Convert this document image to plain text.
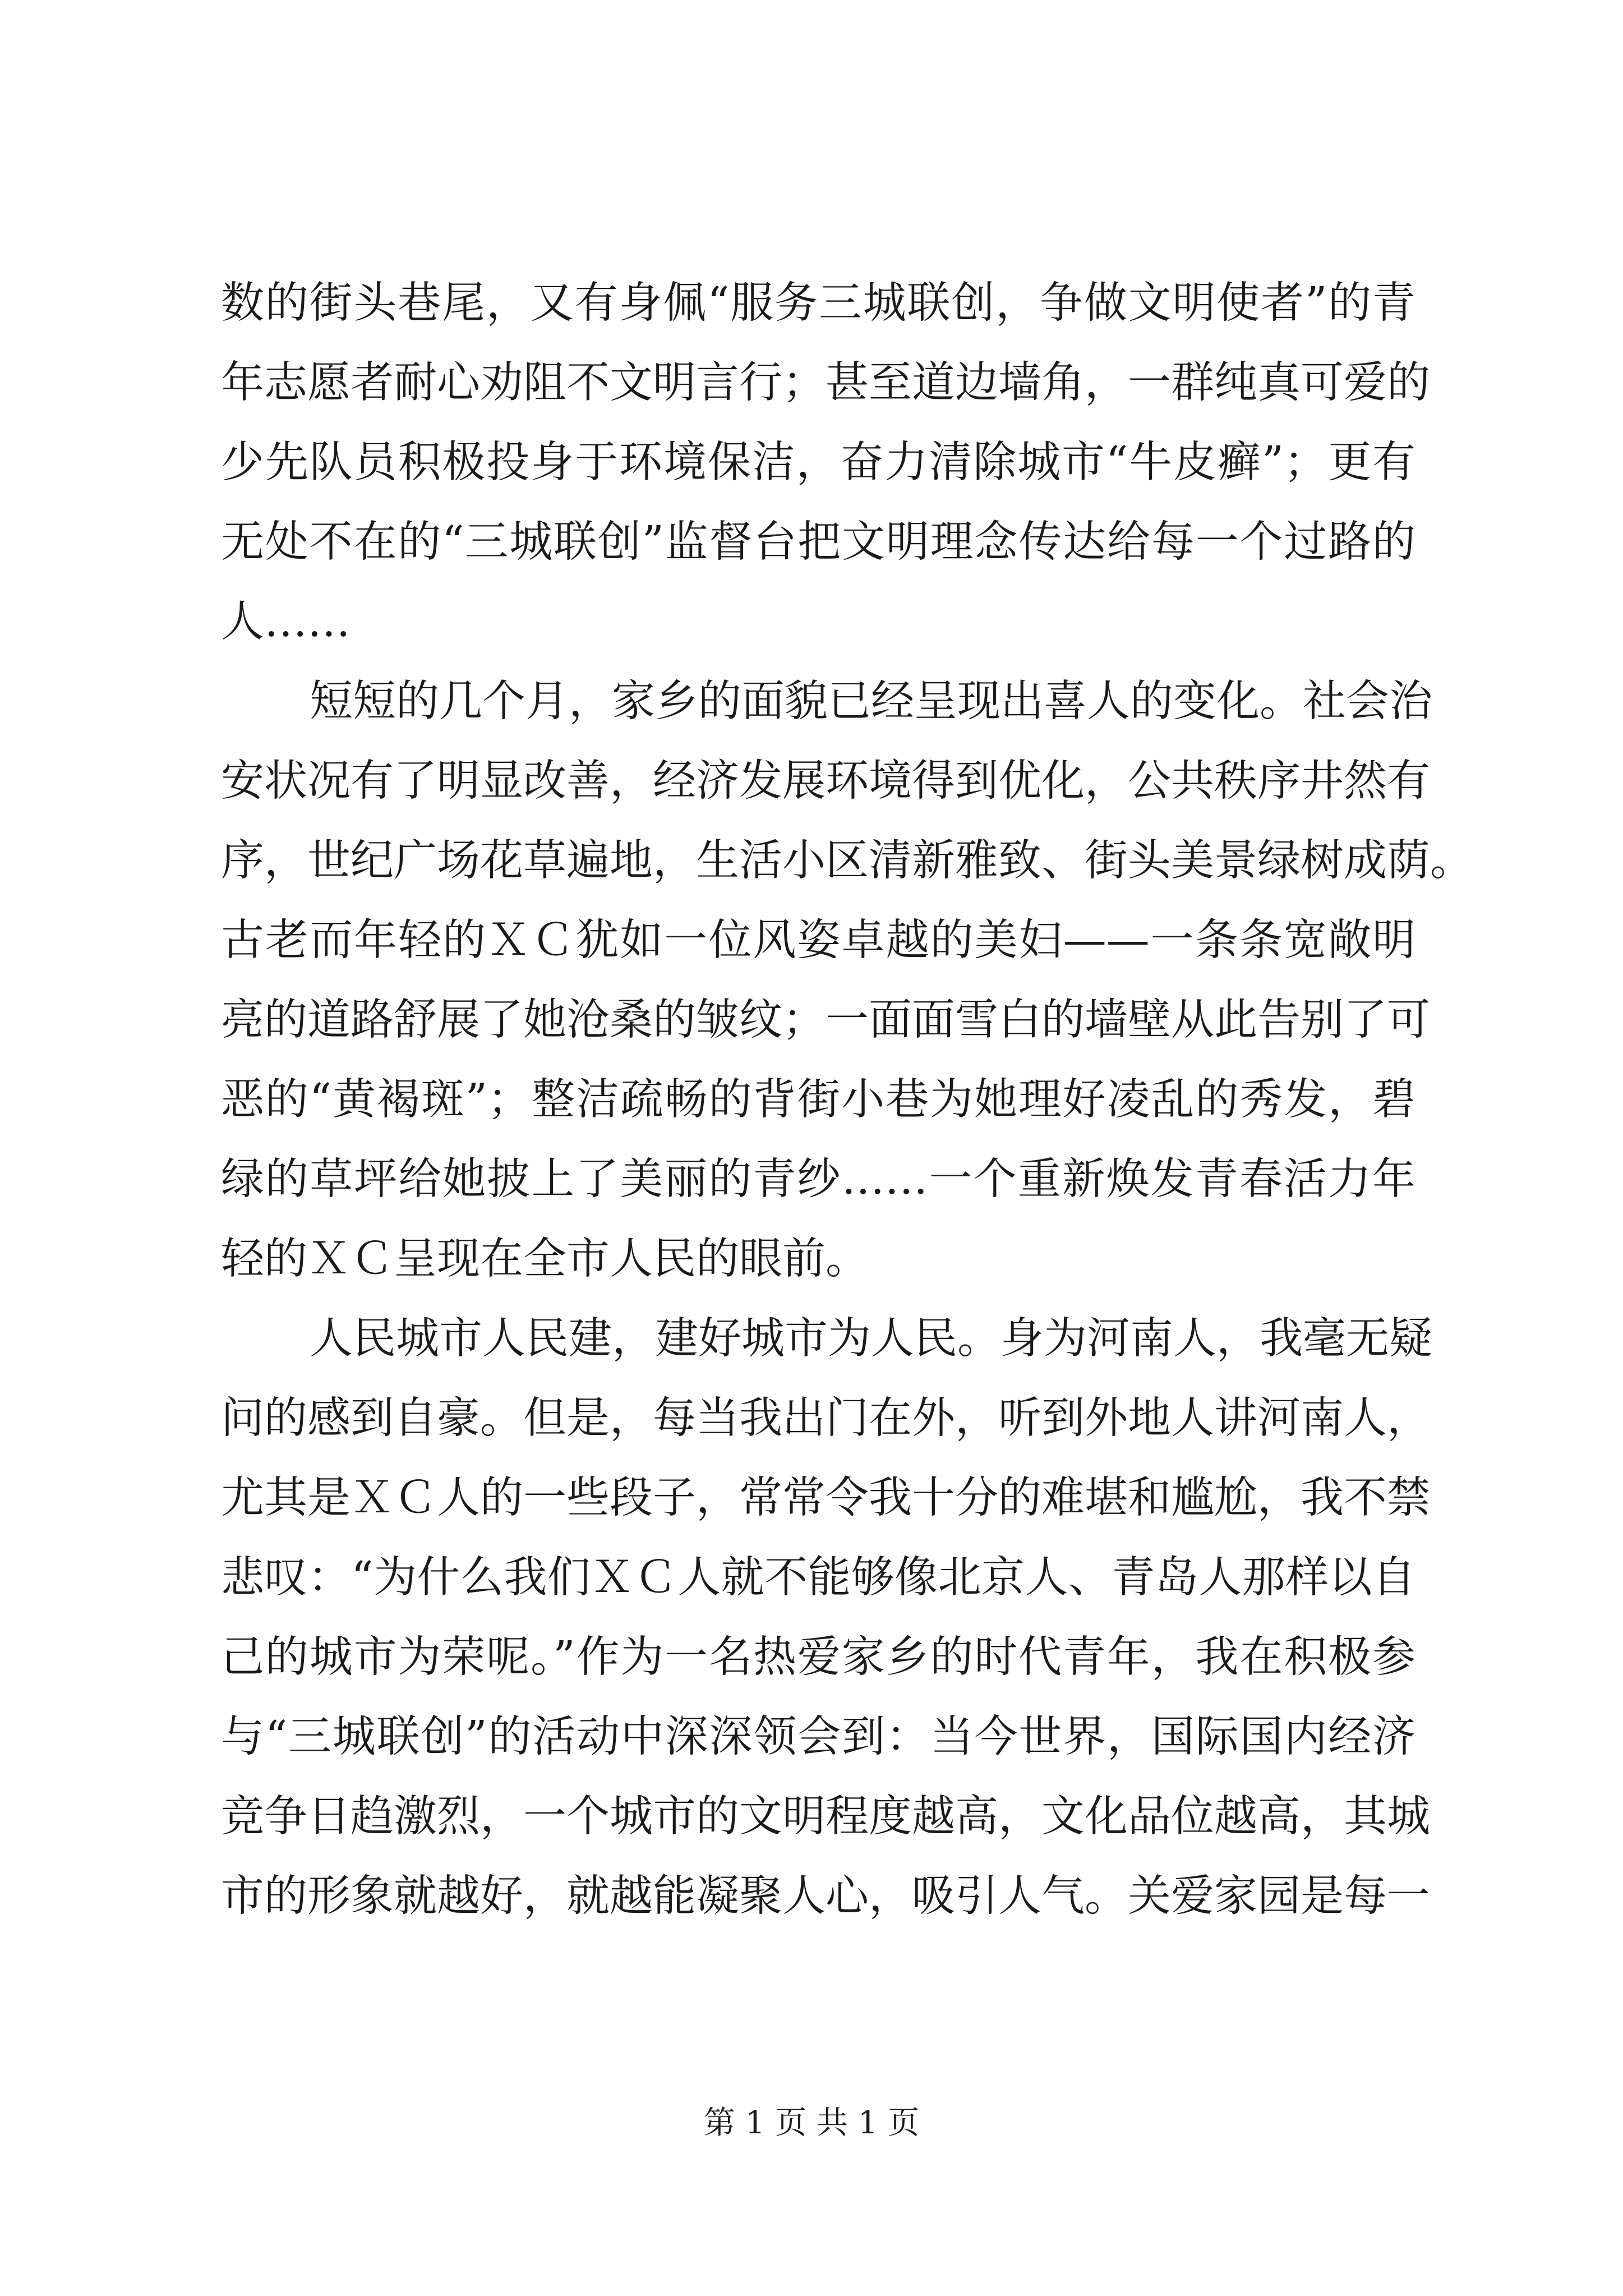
数的街头巷尾，又有身佩“服务三城联创，争做文明使者”的青
年志愿者耐心劝阻不文明言行；甚至道边墙角，一群纯真可爱的
少先队员积极投身于环境保洁，奋力清除城市“牛皮癣”；更有
无处不在的“三城联创”监督台把文明理念传达给每一个过路的
人……
短短的几个月，家乡的面貌已经呈现出喜人的变化。社会治
安状况有了明显改善，经济发展环境得到优化，公共秩序井然有
序，世纪广场花草遍地，生活小区清新雅致、街头美景绿树成荫。
古老而年轻的ＸＣ犹如一位风姿卓越的美妇——一条条宽敞明
亮的道路舒展了她沧桑的皱纹；一面面雪白的墙壁从此告别了可
恶的“黄褐斑”；整洁疏畅的背街小巷为她理好凌乱的秀发，碧
绿的草坪给她披上了美丽的青纱……一个重新焕发青春活力年
轻的ＸＣ呈现在全市人民的眼前。
人民城市人民建，建好城市为人民。身为河南人，我毫无疑
问的感到自豪。但是，每当我出门在外，听到外地人讲河南人，
尤其是ＸＣ人的一些段子，常常令我十分的难堪和尴尬，我不禁
悲叹：“为什么我们ＸＣ人就不能够像北京人、青岛人那样以自
己的城市为荣呢。”作为一名热爱家乡的时代青年，我在积极参
与“三城联创”的活动中深深领会到：当今世界，国际国内经济
竞争日趋激烈，一个城市的文明程度越高，文化品位越高，其城
市的形象就越好，就越能凝聚人心，吸引人气。关爱家园是每一
第 1 页 共 1 页
